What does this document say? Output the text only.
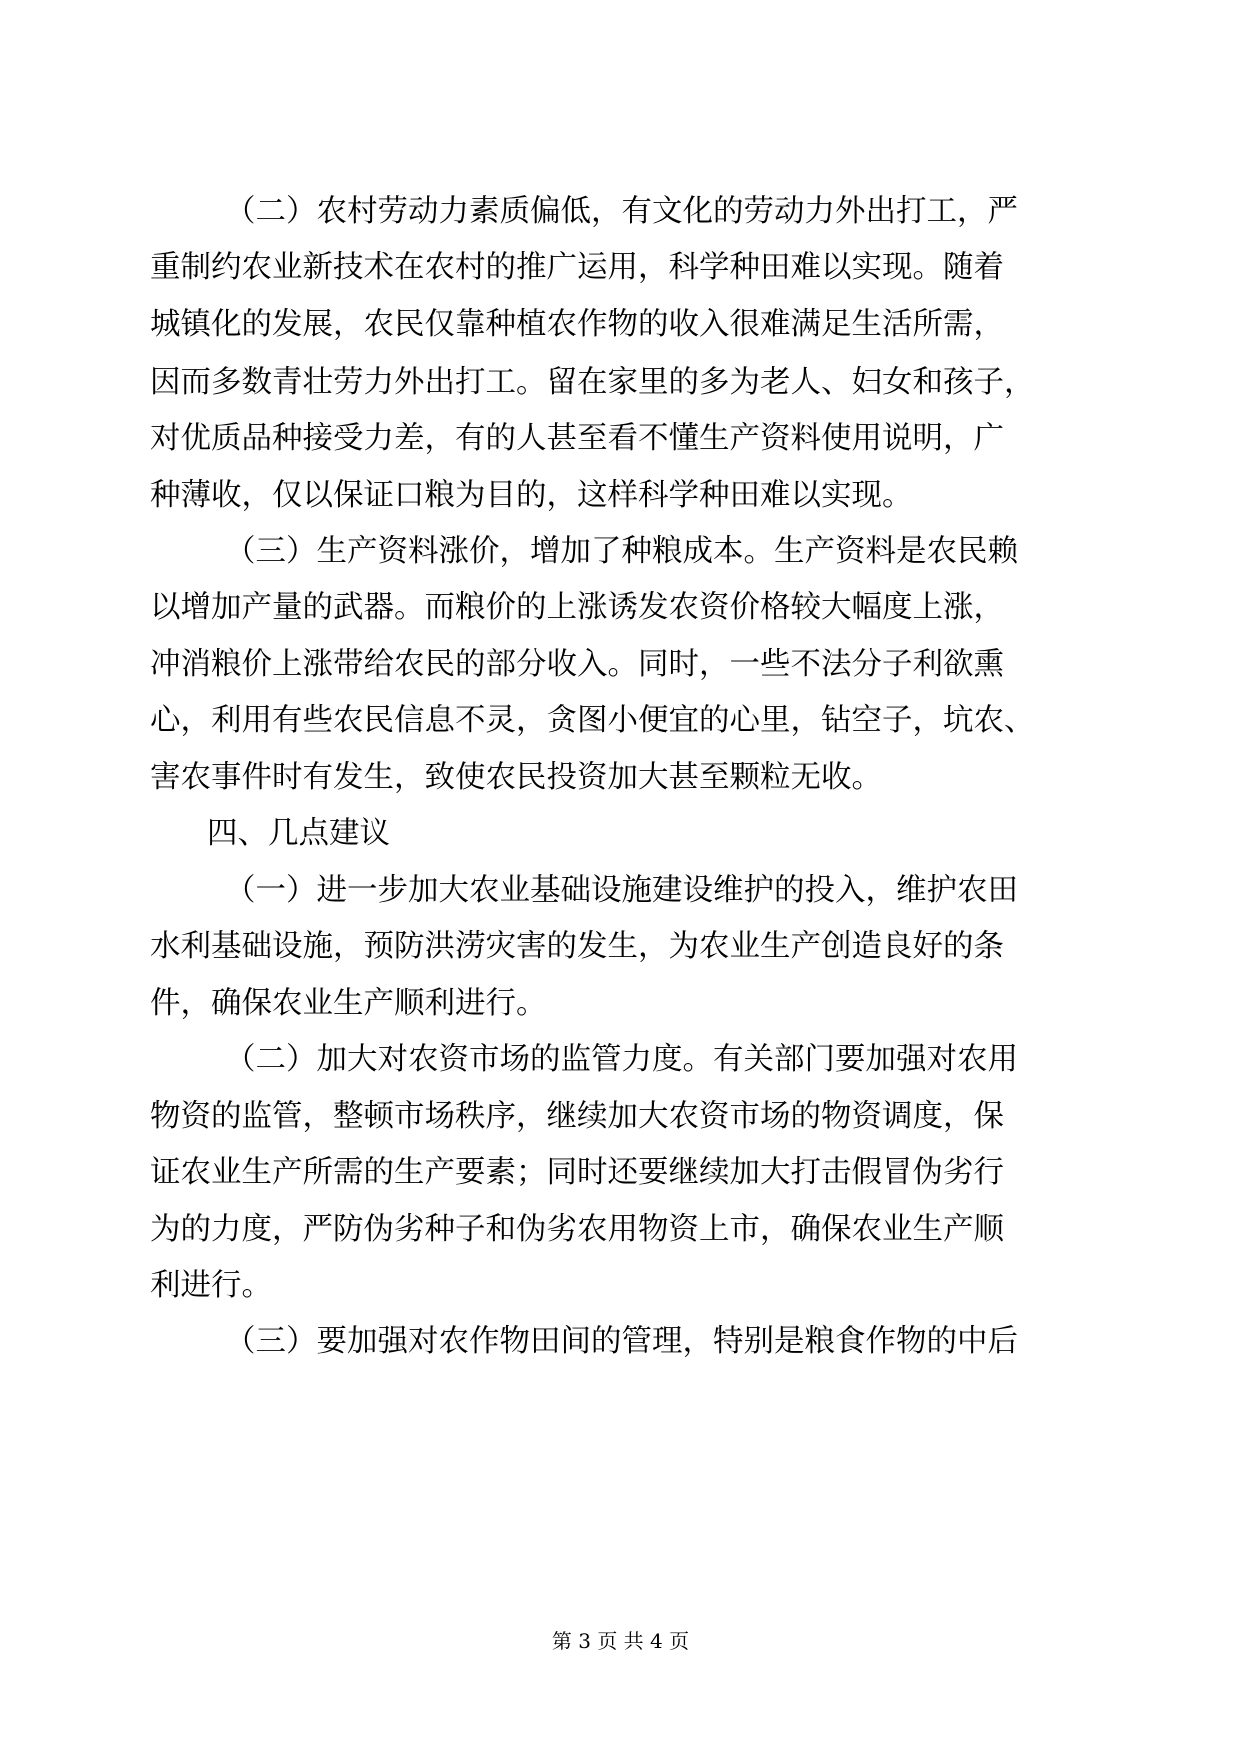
（二）农村劳动力素质偏低，有文化的劳动力外出打工，严
重制约农业新技术在农村的推广运用，科学种田难以实现。随着
城镇化的发展，农民仅靠种植农作物的收入很难满足生活所需，
因而多数青壮劳力外出打工。留在家里的多为老人、妇女和孩子，
对优质品种接受力差，有的人甚至看不懂生产资料使用说明，广
种薄收，仅以保证口粮为目的，这样科学种田难以实现。
（三）生产资料涨价，增加了种粮成本。生产资料是农民赖
以增加产量的武器。而粮价的上涨诱发农资价格较大幅度上涨，
冲消粮价上涨带给农民的部分收入。同时，一些不法分子利欲熏
心，利用有些农民信息不灵，贪图小便宜的心里，钻空子，坑农、
害农事件时有发生，致使农民投资加大甚至颗粒无收。
四、几点建议
（一）进一步加大农业基础设施建设维护的投入，维护农田
水利基础设施，预防洪涝灾害的发生，为农业生产创造良好的条
件，确保农业生产顺利进行。
（二）加大对农资市场的监管力度。有关部门要加强对农用
物资的监管，整顿市场秩序，继续加大农资市场的物资调度，保
证农业生产所需的生产要素；同时还要继续加大打击假冒伪劣行
为的力度，严防伪劣种子和伪劣农用物资上市，确保农业生产顺
利进行。
（三）要加强对农作物田间的管理，特别是粮食作物的中后
第 3 页 共 4 页
